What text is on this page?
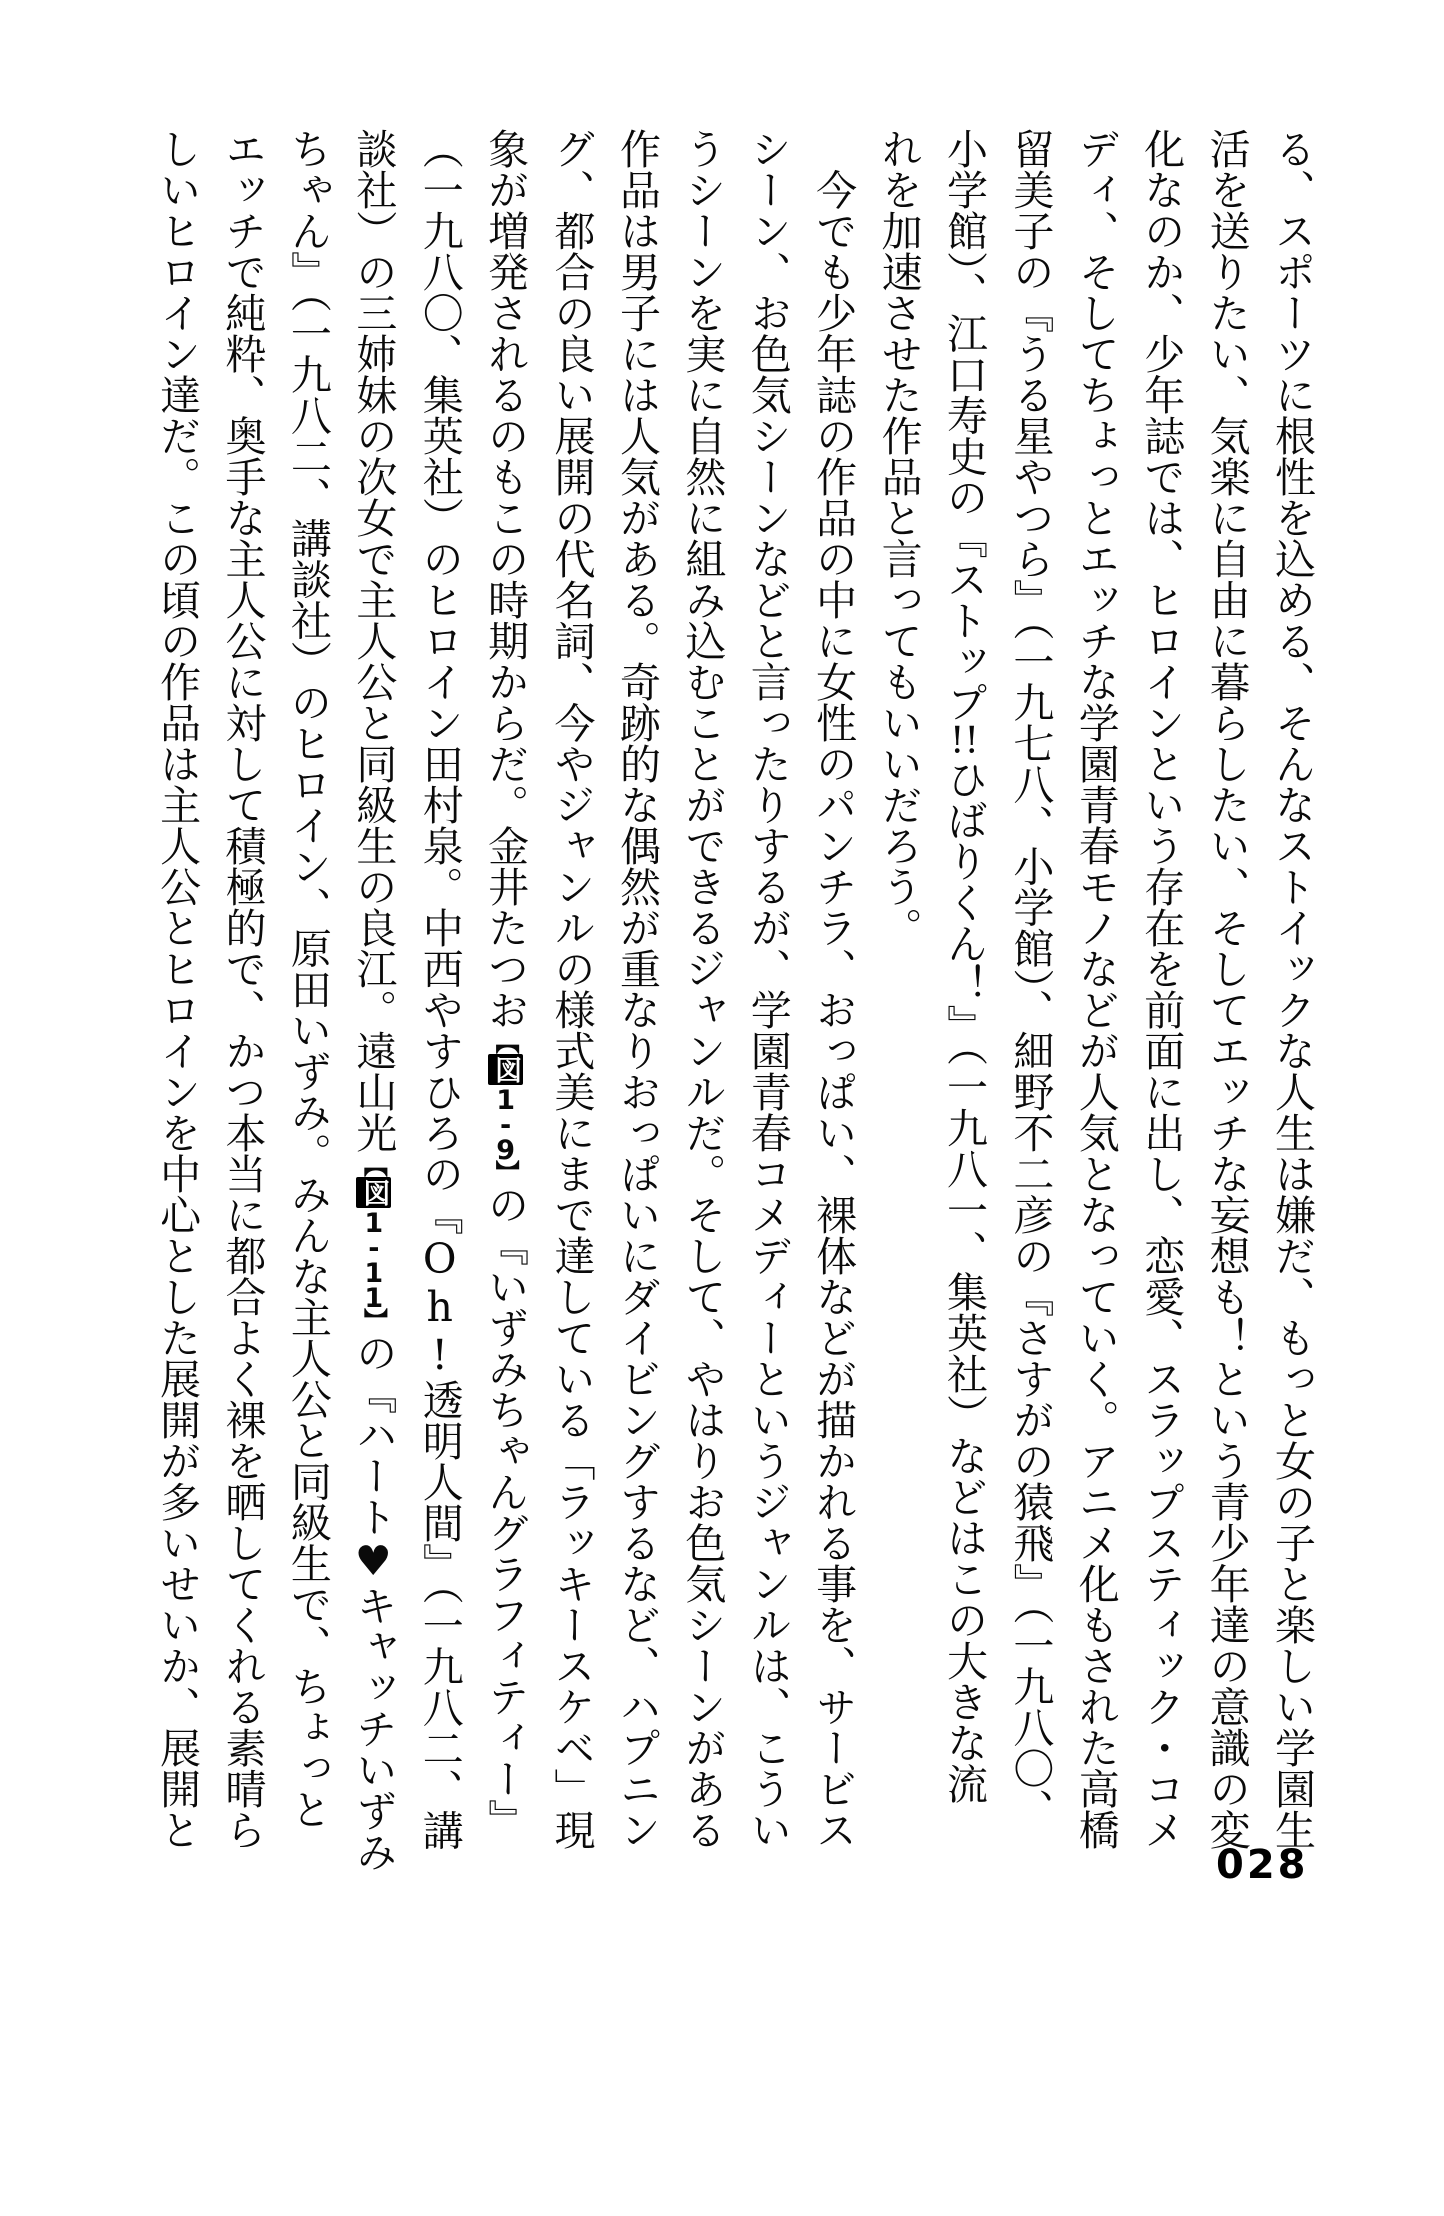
る、スポーツに根性を込める、そんなストイックな人生は嫌だ、もっと女の子と楽しい学園生
活を送りたい、気楽に自由に暮らしたい、そしてエッチな妄想も！という青少年達の意識の変
化なのか、少年誌では、ヒロインという存在を前面に出し、恋愛、スラップスティック・コメ
ディ、そしてちょっとエッチな学園青春モノなどが人気となっていく。アニメ化もされた高橋
留美子の『うる星やつら』（一九七八、小学館）、細野不二彦の『さすがの猿飛』（一九八〇、
小学館）、江口寿史の『ストップ!!ひばりくん！』（一九八一、集英社）などはこの大きな流
れを加速させた作品と言ってもいいだろう。
　今でも少年誌の作品の中に女性のパンチラ、おっぱい、裸体などが描かれる事を、サービス
シーン、お色気シーンなどと言ったりするが、学園青春コメディーというジャンルは、こうい
うシーンを実に自然に組み込むことができるジャンルだ。そして、やはりお色気シーンがある
作品は男子には人気がある。奇跡的な偶然が重なりおっぱいにダイビングするなど、ハプニン
グ、都合の良い展開の代名詞、今やジャンルの様式美にまで達している「ラッキースケベ」現
象が増発されるのもこの時期からだ。金井たつお【図1-9】の『いずみちゃんグラフィティー』
（一九八〇、集英社）のヒロイン田村泉。中西やすひろの『Oh!透明人間』（一九八二、講
談社）の三姉妹の次女で主人公と同級生の良江。遠山光【図1-11】の『ハート♥キャッチいずみ
ちゃん』（一九八二、講談社）のヒロイン、原田いずみ。みんな主人公と同級生で、ちょっと
エッチで純粋、奥手な主人公に対して積極的で、かつ本当に都合よく裸を晒してくれる素晴ら
しいヒロイン達だ。この頃の作品は主人公とヒロインを中心とした展開が多いせいか、展開と
028
